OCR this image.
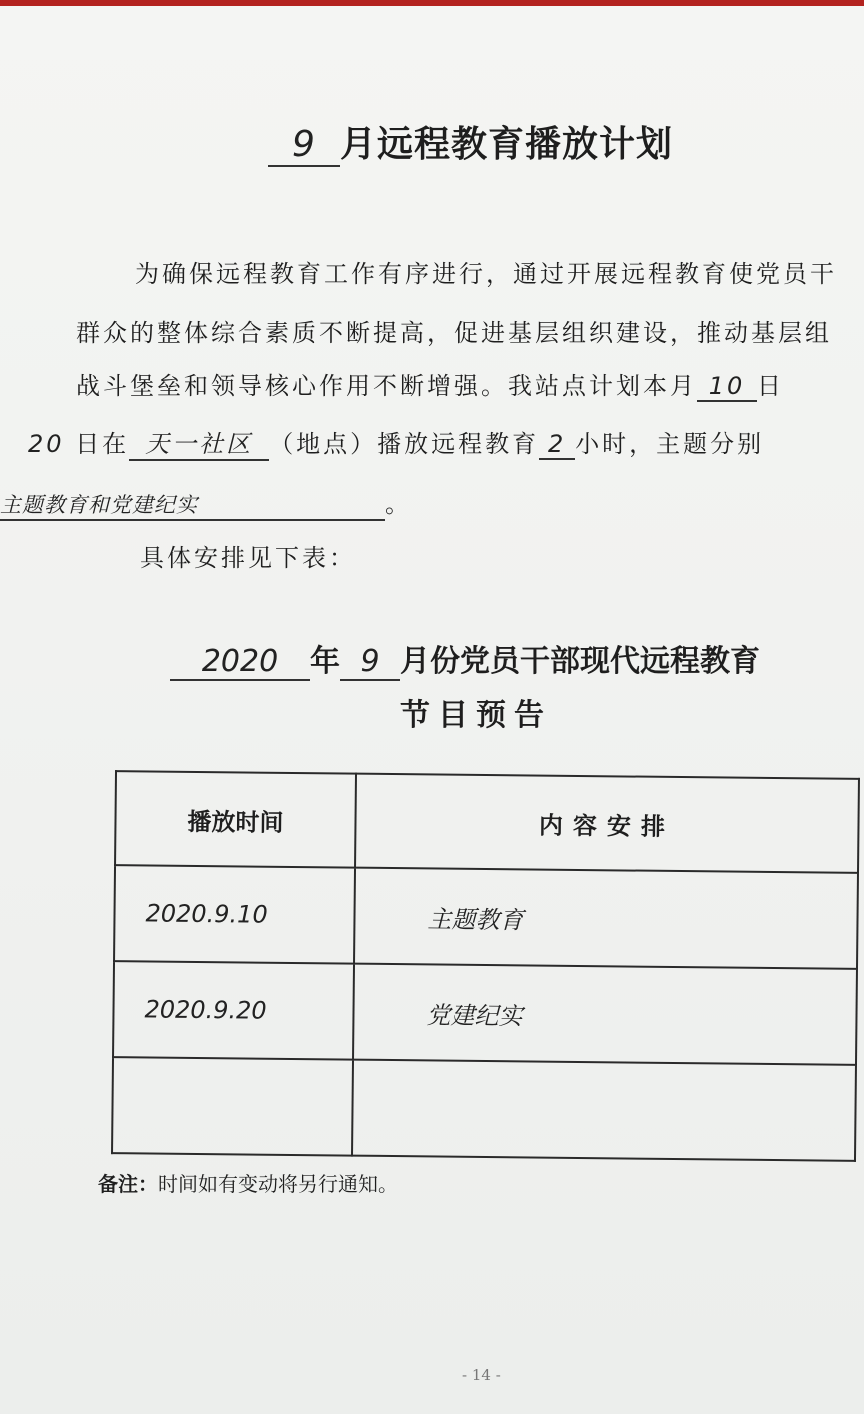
9 月远程教育播放计划
为确保远程教育工作有序进行，通过开展远程教育使党员干
群众的整体综合素质不断提高，促进基层组织建设，推动基层组
战斗堡垒和领导核心作用不断增强。我站点计划本月 10 日
20 日在 天一社区 （地点）播放远程教育 2 小时，主题分别
主题教育和党建纪实	。
具体安排见下表：
2020 年 9 月份党员干部现代远程教育
节目预告
播放时间	内容安排
2020.9.10	主题教育
2020.9.20	党建纪实

备注：时间如有变动将另行通知。
- 14 -
